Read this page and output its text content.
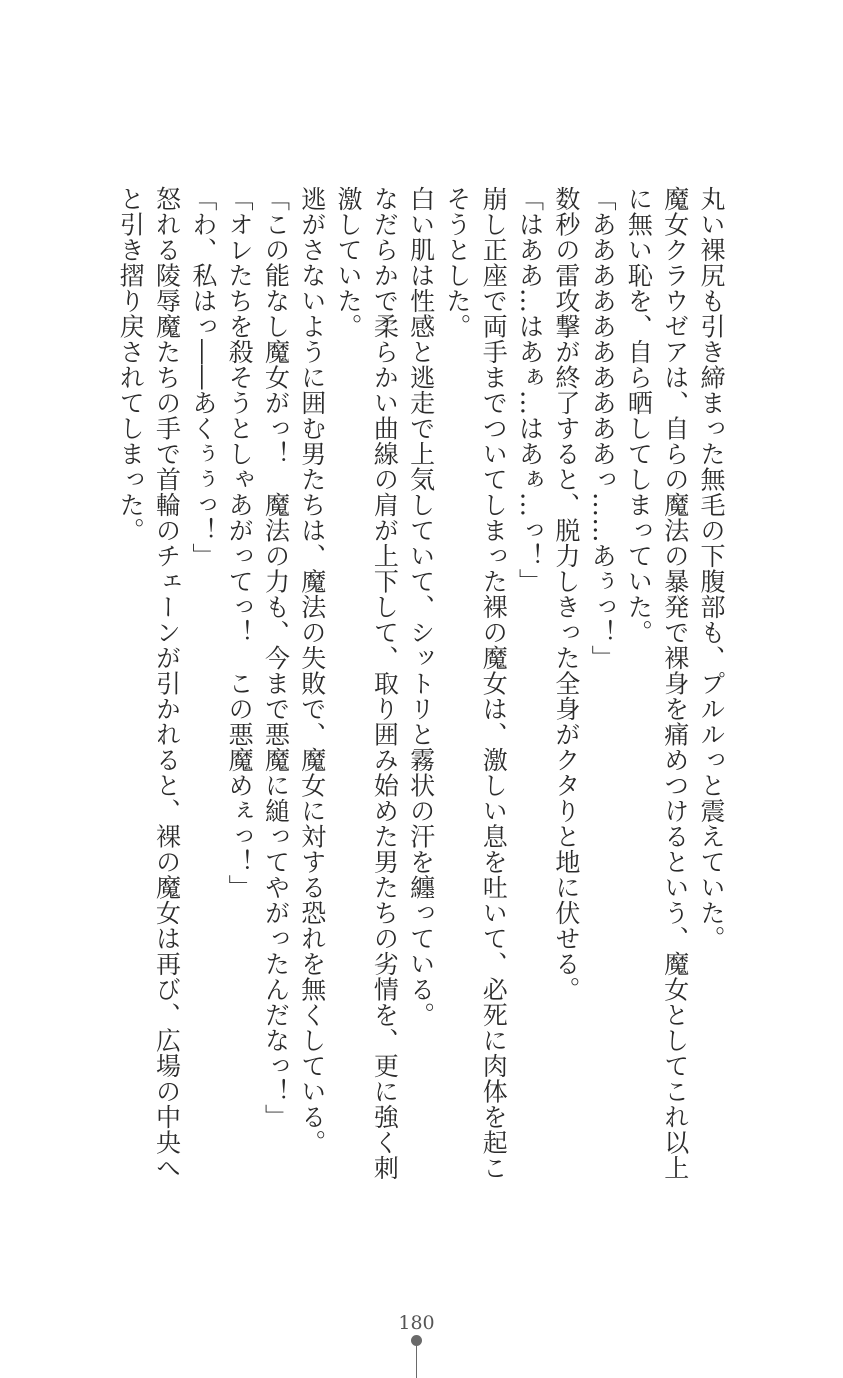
丸い裸尻も引き締まった無毛の下腹部も、プルルっと震えていた。
魔女クラウゼアは、自らの魔法の暴発で裸身を痛めつけるという、魔女としてこれ以上
に無い恥を、自ら晒してしまっていた。
「ああああああああああっ……あぅっ！」
数秒の雷攻撃が終了すると、脱力しきった全身がクタりと地に伏せる。
「はああ…はあぁ…はあぁ…っ！」
崩し正座で両手までついてしまった裸の魔女は、激しい息を吐いて、必死に肉体を起こ
そうとした。
白い肌は性感と逃走で上気していて、シットリと霧状の汗を纏っている。
なだらかで柔らかい曲線の肩が上下して、取り囲み始めた男たちの劣情を、更に強く刺
激していた。
逃がさないように囲む男たちは、魔法の失敗で、魔女に対する恐れを無くしている。
「この能なし魔女がっ！　魔法の力も、今まで悪魔に縋ってやがったんだなっ！」
「オレたちを殺そうとしゃあがってっ！　この悪魔めぇっ！」
「わ、私はっ――あくぅぅっ！」
怒れる陵辱魔たちの手で首輪のチェーンが引かれると、裸の魔女は再び、広場の中央へ
と引き摺り戻されてしまった。
180
